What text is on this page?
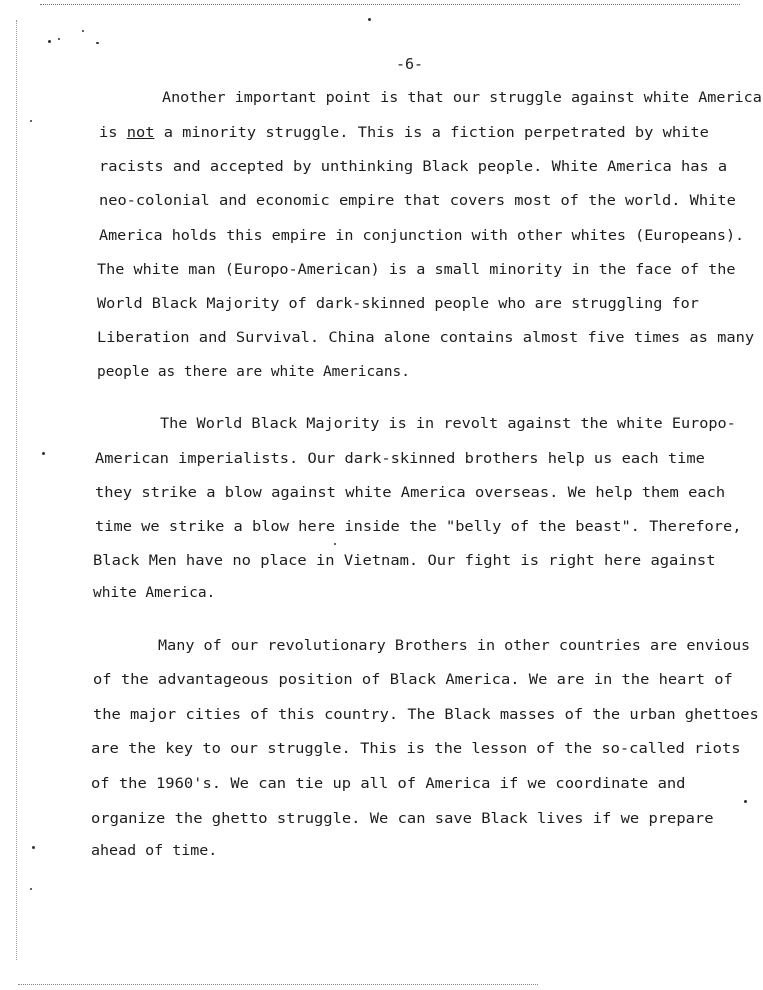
-6-
Another important point is that our struggle against white America
is not a minority struggle. This is a fiction perpetrated by white
racists and accepted by unthinking Black people. White America has a
neo-colonial and economic empire that covers most of the world. White
America holds this empire in conjunction with other whites (Europeans).
The white man (Europo-American) is a small minority in the face of the
World Black Majority of dark-skinned people who are struggling for
Liberation and Survival. China alone contains almost five times as many
people as there are white Americans.
The World Black Majority is in revolt against the white Europo-
American imperialists. Our dark-skinned brothers help us each time
they strike a blow against white America overseas. We help them each
time we strike a blow here inside the "belly of the beast". Therefore,
Black Men have no place in Vietnam. Our fight is right here against
white America.
Many of our revolutionary Brothers in other countries are envious
of the advantageous position of Black America. We are in the heart of
the major cities of this country. The Black masses of the urban ghettoes
are the key to our struggle. This is the lesson of the so-called riots
of the 1960's. We can tie up all of America if we coordinate and
organize the ghetto struggle. We can save Black lives if we prepare
ahead of time.
